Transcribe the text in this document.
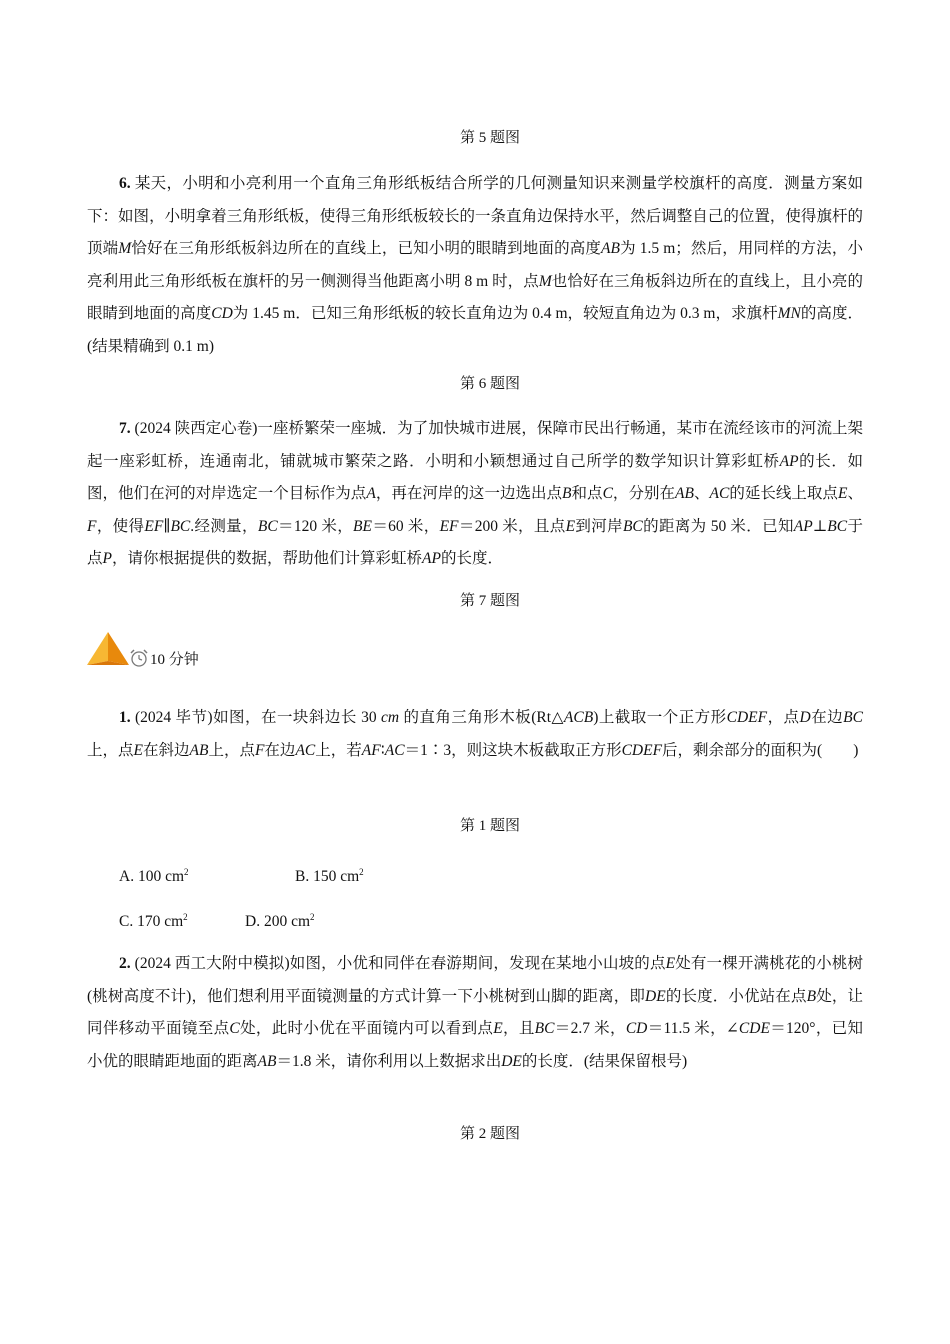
第 5 题图
6. 某天，小明和小亮利用一个直角三角形纸板结合所学的几何测量知识来测量学校旗杆的高度．测量方案如下：如图，小明拿着三角形纸板，使得三角形纸板较长的一条直角边保持水平，然后调整自己的位置，使得旗杆的顶端M恰好在三角形纸板斜边所在的直线上，已知小明的眼睛到地面的高度AB为 1.5 m；然后，用同样的方法，小亮利用此三角形纸板在旗杆的另一侧测得当他距离小明 8 m 时，点M也恰好在三角板斜边所在的直线上，且小亮的眼睛到地面的高度CD为 1.45 m．已知三角形纸板的较长直角边为 0.4 m，较短直角边为 0.3 m，求旗杆MN的高度．(结果精确到 0.1 m)
第 6 题图
7. (2024 陕西定心卷)一座桥繁荣一座城．为了加快城市进展，保障市民出行畅通，某市在流经该市的河流上架起一座彩虹桥，连通南北，铺就城市繁荣之路．小明和小颖想通过自己所学的数学知识计算彩虹桥AP的长．如图，他们在河的对岸选定一个目标作为点A，再在河岸的这一边选出点B和点C，分别在AB、AC的延长线上取点E、F，使得EF∥BC.经测量，BC＝120 米，BE＝60 米，EF＝200 米，且点E到河岸BC的距离为 50 米．已知AP⊥BC于点P，请你根据提供的数据，帮助他们计算彩虹桥AP的长度．
第 7 题图
10 分钟
1. (2024 毕节)如图，在一块斜边长 30 cm 的直角三角形木板(Rt△ACB)上截取一个正方形CDEF，点D在边BC上，点E在斜边AB上，点F在边AC上，若AF∶AC＝1∶3，则这块木板截取正方形CDEF后，剩余部分的面积为(　　)
第 1 题图
A. 100 $cm^2$	B. 150 $cm^2$
C. 170 $cm^2$	D. 200 $cm^2$
2. (2024 西工大附中模拟)如图，小优和同伴在春游期间，发现在某地小山坡的点E处有一棵开满桃花的小桃树(桃树高度不计)，他们想利用平面镜测量的方式计算一下小桃树到山脚的距离，即DE的长度．小优站在点B处，让同伴移动平面镜至点C处，此时小优在平面镜内可以看到点E，且BC＝2.7 米，CD＝11.5 米，∠CDE＝120°，已知小优的眼睛距地面的距离AB＝1.8 米，请你利用以上数据求出DE的长度．(结果保留根号)
第 2 题图
